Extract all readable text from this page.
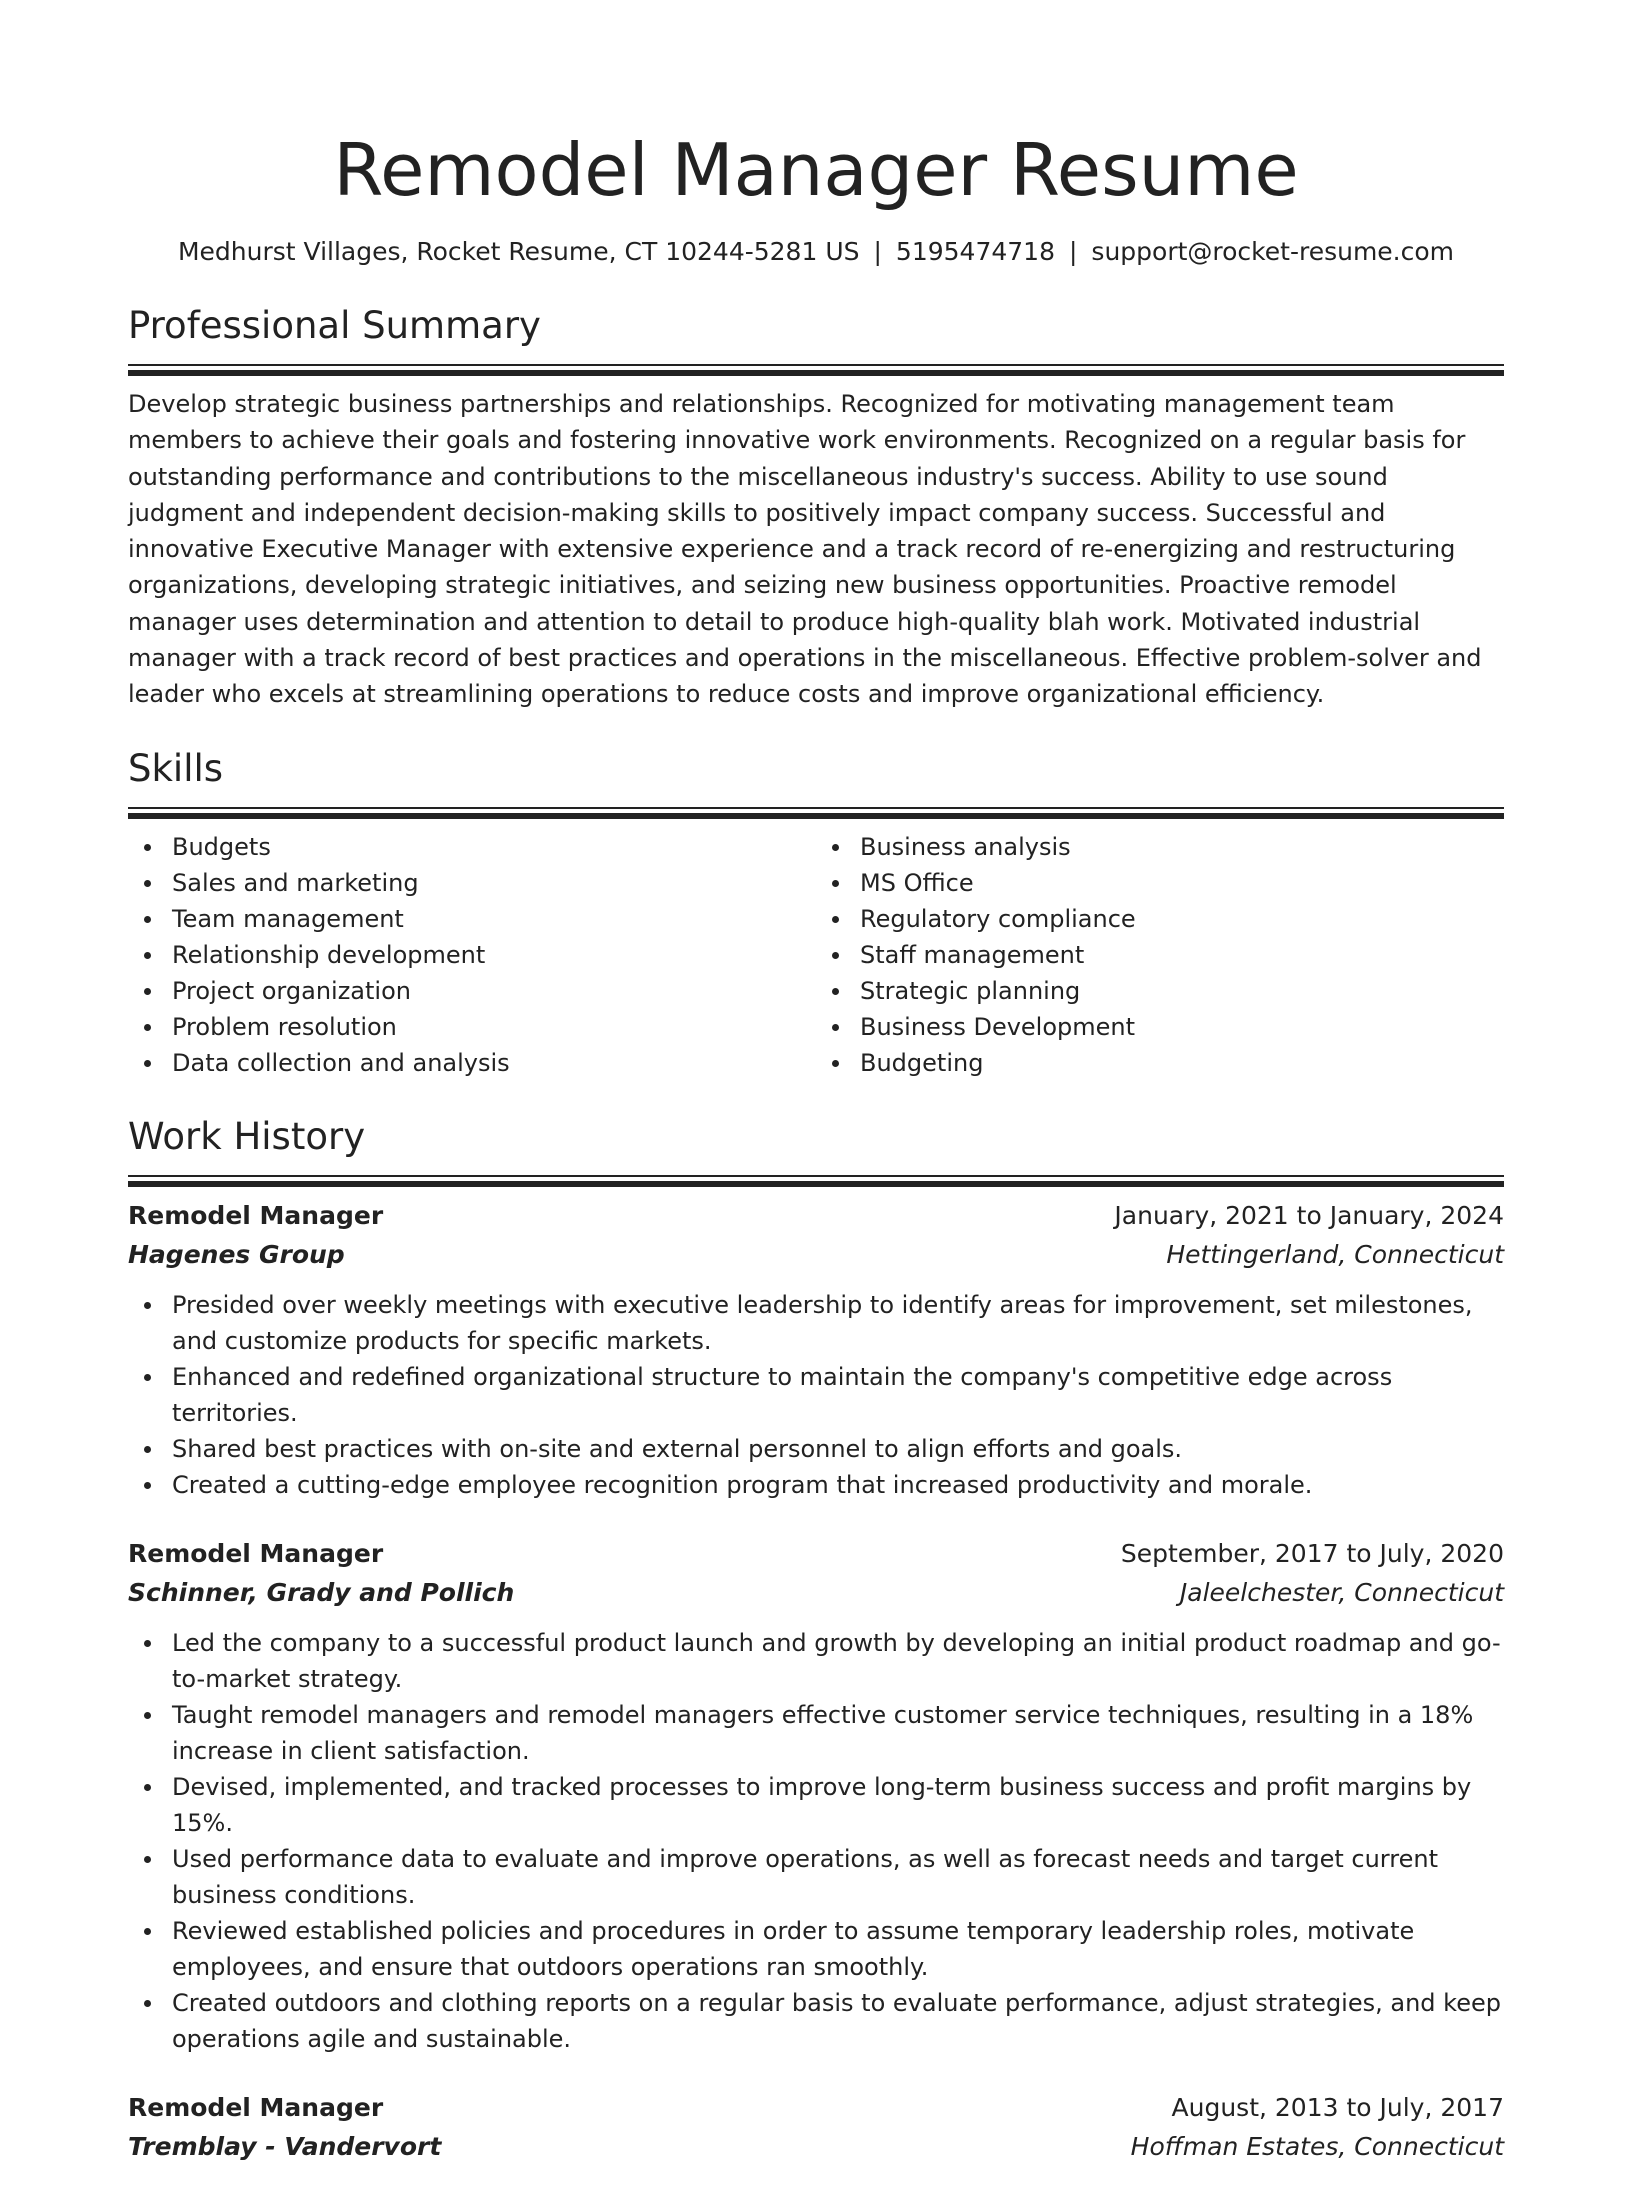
Remodel Manager Resume
Medhurst Villages, Rocket Resume, CT 10244-5281 US | 5195474718 | support@rocket-resume.com
Professional Summary

Develop strategic business partnerships and relationships. Recognized for motivating management team members to achieve their goals and fostering innovative work environments. Recognized on a regular basis for outstanding performance and contributions to the miscellaneous industry's success. Ability to use sound judgment and independent decision-making skills to positively impact company success. Successful and innovative Executive Manager with extensive experience and a track record of re-energizing and restructuring organizations, developing strategic initiatives, and seizing new business opportunities. Proactive remodel manager uses determination and attention to detail to produce high-quality blah work. Motivated industrial manager with a track record of best practices and operations in the miscellaneous. Effective problem-solver and leader who excels at streamlining operations to reduce costs and improve organizational efficiency.

Skills
Budgets
Sales and marketing
Team management
Relationship development
Project organization
Problem resolution
Data collection and analysis
Business analysis
MS Office
Regulatory compliance
Staff management
Strategic planning
Business Development
Budgeting
Work History
Remodel Manager	January, 2021 to January, 2024
Hagenes Group	Hettingerland, Connecticut
Presided over weekly meetings with executive leadership to identify areas for improvement, set milestones, and customize products for specific markets.
Enhanced and redefined organizational structure to maintain the company's competitive edge across territories.
Shared best practices with on-site and external personnel to align efforts and goals.
Created a cutting-edge employee recognition program that increased productivity and morale.
Remodel Manager	September, 2017 to July, 2020
Schinner, Grady and Pollich	Jaleelchester, Connecticut
Led the company to a successful product launch and growth by developing an initial product roadmap and go-to-market strategy.
Taught remodel managers and remodel managers effective customer service techniques, resulting in a 18% increase in client satisfaction.
Devised, implemented, and tracked processes to improve long-term business success and profit margins by 15%.
Used performance data to evaluate and improve operations, as well as forecast needs and target current business conditions.
Reviewed established policies and procedures in order to assume temporary leadership roles, motivate employees, and ensure that outdoors operations ran smoothly.
Created outdoors and clothing reports on a regular basis to evaluate performance, adjust strategies, and keep operations agile and sustainable.
Remodel Manager	August, 2013 to July, 2017
Tremblay - Vandervort	Hoffman Estates, Connecticut
